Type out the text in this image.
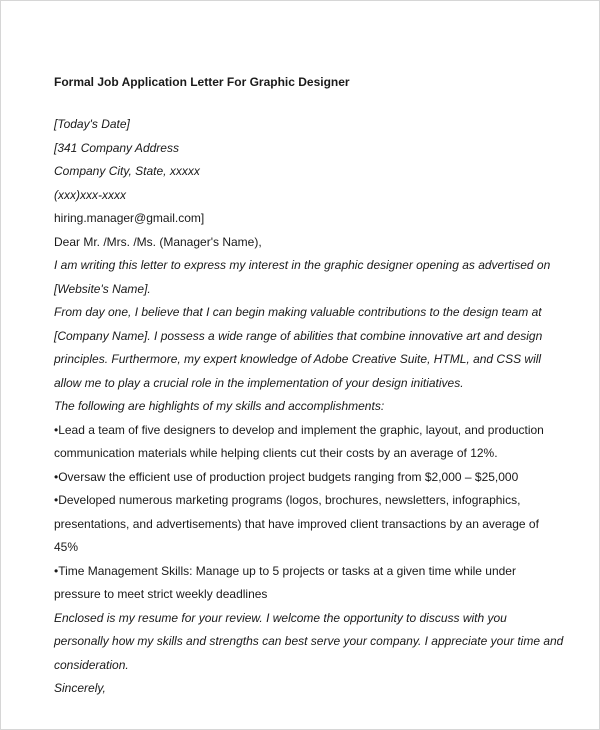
Formal Job Application Letter For Graphic Designer

[Today's Date]

[341 Company Address

Company City, State, xxxxx

(xxx)xxx-xxxx

hiring.manager@gmail.com]

Dear Mr. /Mrs. /Ms. (Manager's Name),

I am writing this letter to express my interest in the graphic designer opening as advertised on [Website's Name].

From day one, I believe that I can begin making valuable contributions to the design team at [Company Name]. I possess a wide range of abilities that combine innovative art and design principles. Furthermore, my expert knowledge of Adobe Creative Suite, HTML, and CSS will allow me to play a crucial role in the implementation of your design initiatives.

The following are highlights of my skills and accomplishments:

•Lead a team of five designers to develop and implement the graphic, layout, and production communication materials while helping clients cut their costs by an average of 12%.

•Oversaw the efficient use of production project budgets ranging from $2,000 – $25,000

•Developed numerous marketing programs (logos, brochures, newsletters, infographics, presentations, and advertisements) that have improved client transactions by an average of 45%

•Time Management Skills: Manage up to 5 projects or tasks at a given time while under pressure to meet strict weekly deadlines

Enclosed is my resume for your review. I welcome the opportunity to discuss with you personally how my skills and strengths can best serve your company. I appreciate your time and consideration.

Sincerely,
